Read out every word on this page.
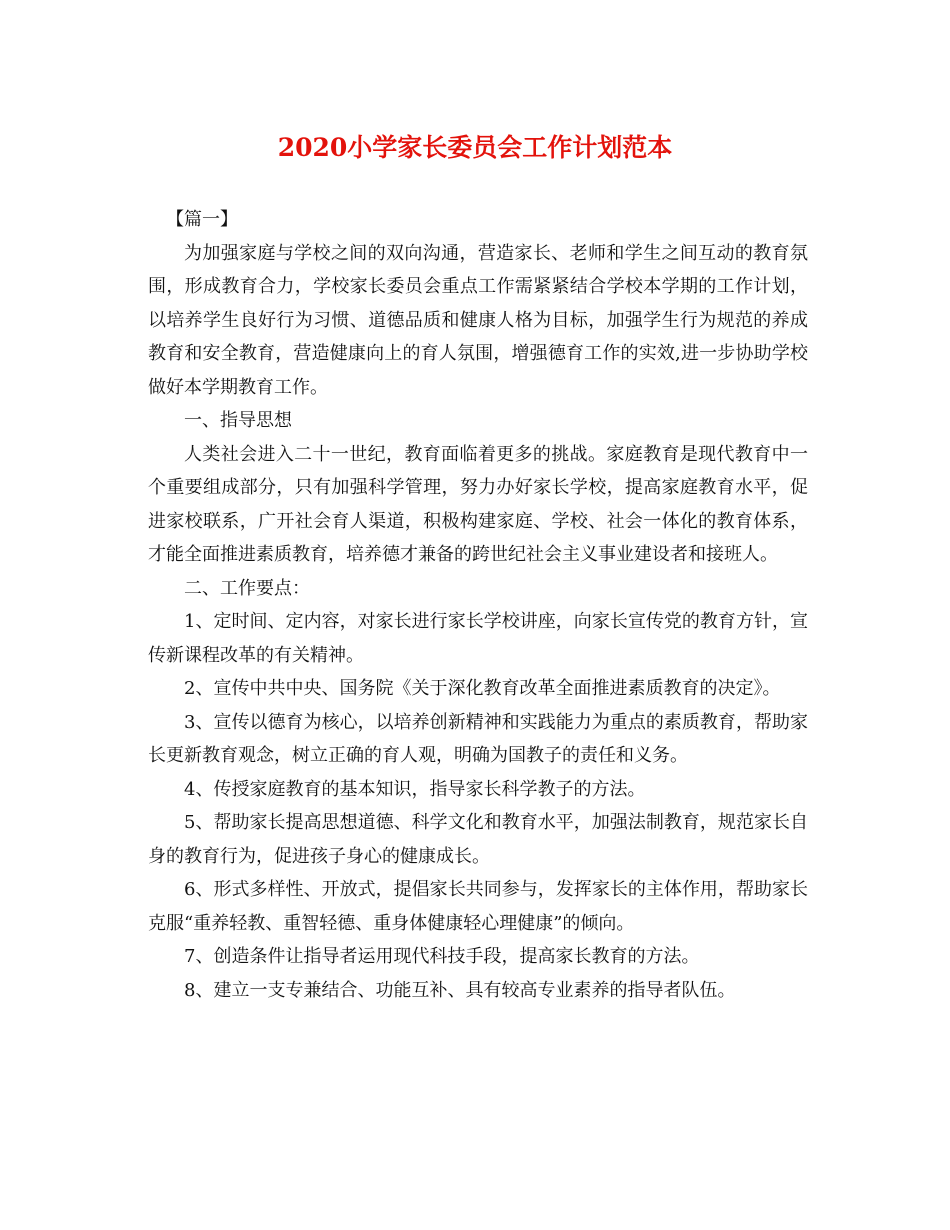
2020小学家长委员会工作计划范本

【篇一】

为加强家庭与学校之间的双向沟通，营造家长、老师和学生之间互动的教育氛围，形成教育合力，学校家长委员会重点工作需紧紧结合学校本学期的工作计划，以培养学生良好行为习惯、道德品质和健康人格为目标，加强学生行为规范的养成教育和安全教育，营造健康向上的育人氛围，增强德育工作的实效,进一步协助学校做好本学期教育工作。

一、指导思想

人类社会进入二十一世纪，教育面临着更多的挑战。家庭教育是现代教育中一个重要组成部分，只有加强科学管理，努力办好家长学校，提高家庭教育水平，促进家校联系，广开社会育人渠道，积极构建家庭、学校、社会一体化的教育体系，才能全面推进素质教育，培养德才兼备的跨世纪社会主义事业建设者和接班人。

二、工作要点：

1、定时间、定内容，对家长进行家长学校讲座，向家长宣传党的教育方针，宣传新课程改革的有关精神。

2、宣传中共中央、国务院《关于深化教育改革全面推进素质教育的决定》。

3、宣传以德育为核心，以培养创新精神和实践能力为重点的素质教育，帮助家长更新教育观念，树立正确的育人观，明确为国教子的责任和义务。

4、传授家庭教育的基本知识，指导家长科学教子的方法。

5、帮助家长提高思想道德、科学文化和教育水平，加强法制教育，规范家长自身的教育行为，促进孩子身心的健康成长。

6、形式多样性、开放式，提倡家长共同参与，发挥家长的主体作用，帮助家长克服“重养轻教、重智轻德、重身体健康轻心理健康”的倾向。

7、创造条件让指导者运用现代科技手段，提高家长教育的方法。

8、建立一支专兼结合、功能互补、具有较高专业素养的指导者队伍。
